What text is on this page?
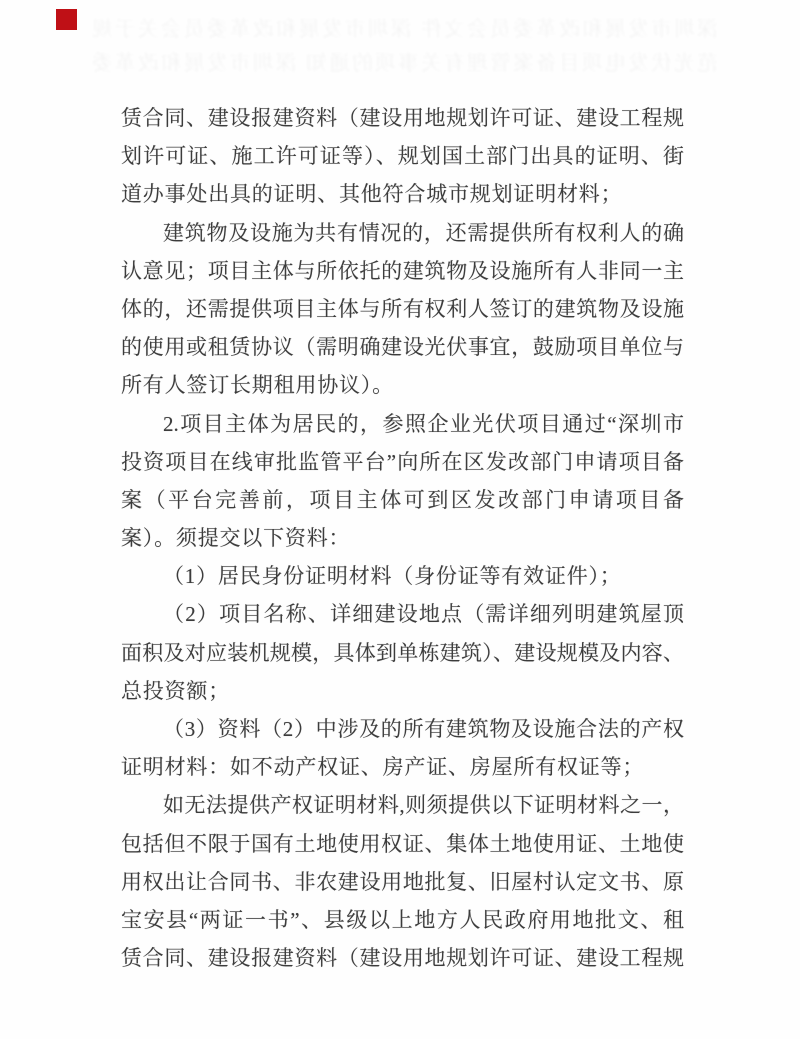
赁合同、建设报建资料（建设用地规划许可证、建设工程规
划许可证、施工许可证等）、规划国土部门出具的证明、街
道办事处出具的证明、其他符合城市规划证明材料；
建筑物及设施为共有情况的，还需提供所有权利人的确
认意见；项目主体与所依托的建筑物及设施所有人非同一主
体的，还需提供项目主体与所有权利人签订的建筑物及设施
的使用或租赁协议（需明确建设光伏事宜，鼓励项目单位与
所有人签订长期租用协议）。
2.项目主体为居民的，参照企业光伏项目通过“深圳市
投资项目在线审批监管平台”向所在区发改部门申请项目备
案（平台完善前，项目主体可到区发改部门申请项目备
案）。须提交以下资料：
（1）居民身份证明材料（身份证等有效证件）；
（2）项目名称、详细建设地点（需详细列明建筑屋顶
面积及对应装机规模，具体到单栋建筑）、建设规模及内容、
总投资额；
（3）资料（2）中涉及的所有建筑物及设施合法的产权
证明材料：如不动产权证、房产证、房屋所有权证等；
如无法提供产权证明材料,则须提供以下证明材料之一，
包括但不限于国有土地使用权证、集体土地使用证、土地使
用权出让合同书、非农建设用地批复、旧屋村认定文书、原
宝安县“两证一书”、县级以上地方人民政府用地批文、租
赁合同、建设报建资料（建设用地规划许可证、建设工程规
